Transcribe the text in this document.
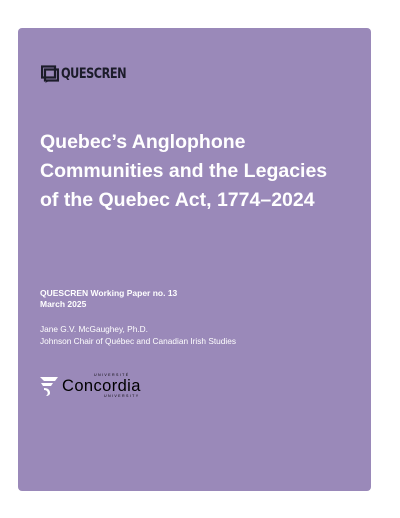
QUESCREN
Quebec’s Anglophone
Communities and the Legacies
of the Quebec Act, 1774–2024
QUESCREN Working Paper no. 13
March 2025
Jane G.V. McGaughey, Ph.D.
Johnson Chair of Québec and Canadian Irish Studies
UNIVERSITÉ
Concordia
UNIVERSITY
